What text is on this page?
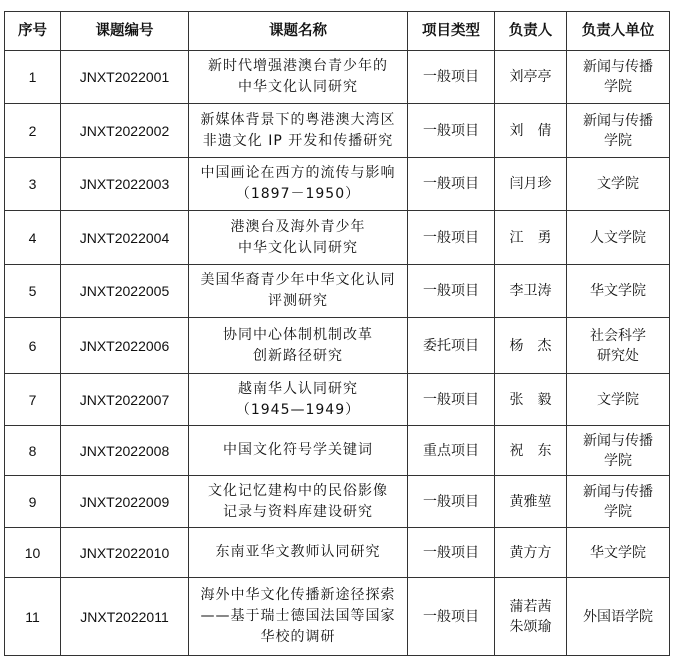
序号	课题编号	课题名称	项目类型	负责人	负责人单位
1	JNXT2022001	新时代增强港澳台青少年的
中华文化认同研究	一般项目	刘亭亭	新闻与传播
学院

2	JNXT2022002	新媒体背景下的粤港澳大湾区
非遗文化 IP 开发和传播研究	一般项目	刘　倩	新闻与传播
学院

3	JNXT2022003	中国画论在西方的流传与影响
（1897－1950）	一般项目	闫月珍	文学院

4	JNXT2022004	港澳台及海外青少年
中华文化认同研究	一般项目	江　勇	人文学院

5	JNXT2022005	美国华裔青少年中华文化认同
评测研究	一般项目	李卫涛	华文学院

6	JNXT2022006	协同中心体制机制改革
创新路径研究	委托项目	杨　杰	社会科学
研究处

7	JNXT2022007	越南华人认同研究
（1945—1949）	一般项目	张　毅	文学院

8	JNXT2022008	中国文化符号学关键词	重点项目	祝　东	新闻与传播
学院

9	JNXT2022009	文化记忆建构中的民俗影像
记录与资料库建设研究	一般项目	黄雅堃	新闻与传播
学院

10	JNXT2022010	东南亚华文教师认同研究	一般项目	黄方方	华文学院

11	JNXT2022011	海外中华文化传播新途径探索
——基于瑞士德国法国等国家
华校的调研	一般项目	蒲若茜
朱颂瑜	外国语学院
